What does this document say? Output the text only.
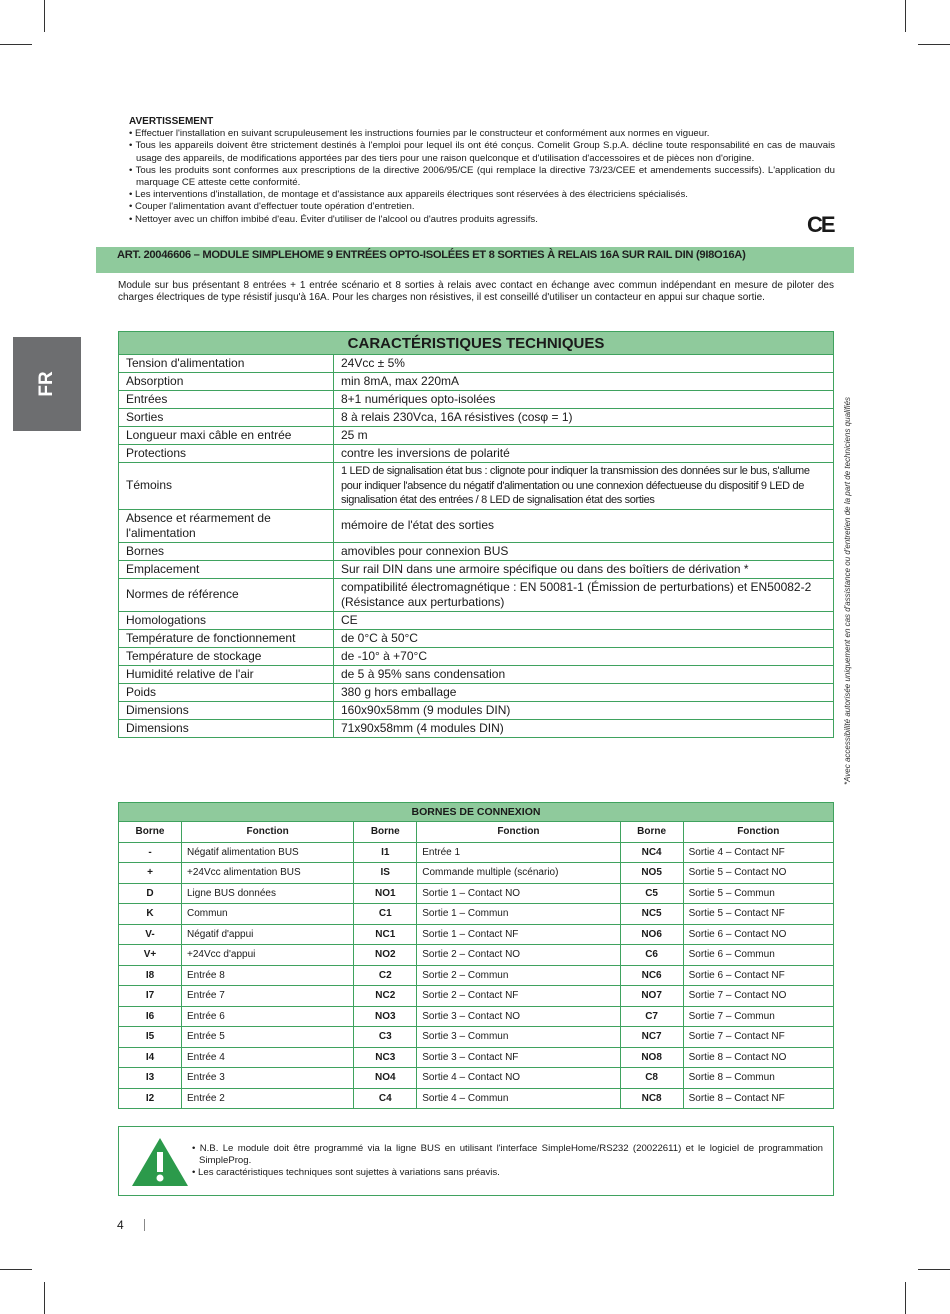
AVERTISSEMENT
• Effectuer l'installation en suivant scrupuleusement les instructions fournies par le constructeur et conformément aux normes en vigueur.
• Tous les appareils doivent être strictement destinés à l'emploi pour lequel ils ont été conçus. Comelit Group S.p.A. décline toute responsabilité en cas de mauvais usage des appareils, de modifications apportées par des tiers pour une raison quelconque et d'utilisation d'accessoires et de pièces non d'origine.
• Tous les produits sont conformes aux prescriptions de la directive 2006/95/CE (qui remplace la directive 73/23/CEE et amendements successifs). L'application du marquage CE atteste cette conformité.
• Les interventions d'installation, de montage et d'assistance aux appareils électriques sont réservées à des électriciens spécialisés.
• Couper l'alimentation avant d'effectuer toute opération d'entretien.
• Nettoyer avec un chiffon imbibé d'eau. Éviter d'utiliser de l'alcool ou d'autres produits agressifs.	CE
ART. 20046606 – MODULE SIMPLEHOME 9 ENTRÉES OPTO-ISOLÉES ET 8 SORTIES À RELAIS 16A SUR RAIL DIN (9I8O16A)
Module sur bus présentant 8 entrées + 1 entrée scénario et 8 sorties à relais avec contact en échange avec commun indépendant en mesure de piloter des charges électriques de type résistif jusqu'à 16A. Pour les charges non résistives, il est conseillé d'utiliser un contacteur en appui sur chaque sortie.
FR
*Avec accessibilité autorisée uniquement en cas d'assistance ou d'entretien de la part de techniciens qualifiés
CARACTÉRISTIQUES TECHNIQUES	
Tension d'alimentation	24Vcc ± 5%
Absorption	min 8mA, max 220mA
Entrées	8+1 numériques opto-isolées
Sorties	8 à relais 230Vca, 16A résistives (cosφ = 1)
Longueur maxi câble en entrée	25 m
Protections	contre les inversions de polarité
Témoins	1 LED de signalisation état bus : clignote pour indiquer la transmission des données sur le bus, s'allume pour indiquer l'absence du négatif d'alimentation ou une connexion défectueuse du dispositif 9 LED de signalisation état des entrées / 8 LED de signalisation état des sorties
Absence et réarmement de l'alimentation	mémoire de l'état des sorties
Bornes	amovibles pour connexion BUS
Emplacement	Sur rail DIN dans une armoire spécifique ou dans des boîtiers de dérivation *
Normes de référence	compatibilité électromagnétique : EN 50081-1 (Émission de perturbations) et EN50082-2 (Résistance aux perturbations)
Homologations	CE
Température de fonctionnement	de 0°C à 50°C
Température de stockage	de -10° à +70°C
Humidité relative de l'air	de 5 à 95% sans condensation
Poids	380 g hors emballage
Dimensions	160x90x58mm (9 modules DIN)
Dimensions	71x90x58mm (4 modules DIN)
BORNES DE CONNEXION					
Borne	Fonction	Borne	Fonction	Borne	Fonction
-	Négatif alimentation BUS	I1	Entrée 1	NC4	Sortie 4 – Contact NF
+	+24Vcc alimentation BUS	IS	Commande multiple (scénario)	NO5	Sortie 5 – Contact NO
D	Ligne BUS données	NO1	Sortie 1 – Contact NO	C5	Sortie 5 – Commun
K	Commun	C1	Sortie 1 – Commun	NC5	Sortie 5 – Contact NF
V-	Négatif d'appui	NC1	Sortie 1 – Contact NF	NO6	Sortie 6 – Contact NO
V+	+24Vcc d'appui	NO2	Sortie 2 – Contact NO	C6	Sortie 6 – Commun
I8	Entrée 8	C2	Sortie 2 – Commun	NC6	Sortie 6 – Contact NF
I7	Entrée 7	NC2	Sortie 2 – Contact NF	NO7	Sortie 7 – Contact NO
I6	Entrée 6	NO3	Sortie 3 – Contact NO	C7	Sortie 7 – Commun
I5	Entrée 5	C3	Sortie 3 – Commun	NC7	Sortie 7 – Contact NF
I4	Entrée 4	NC3	Sortie 3 – Contact NF	NO8	Sortie 8 – Contact NO
I3	Entrée 3	NO4	Sortie 4 – Contact NO	C8	Sortie 8 – Commun
I2	Entrée 2	C4	Sortie 4 – Commun	NC8	Sortie 8 – Contact NF
• N.B. Le module doit être programmé via la ligne BUS en utilisant l'interface SimpleHome/RS232 (20022611) et le logiciel de programmation SimpleProg.
• Les caractéristiques techniques sont sujettes à variations sans préavis.
4
